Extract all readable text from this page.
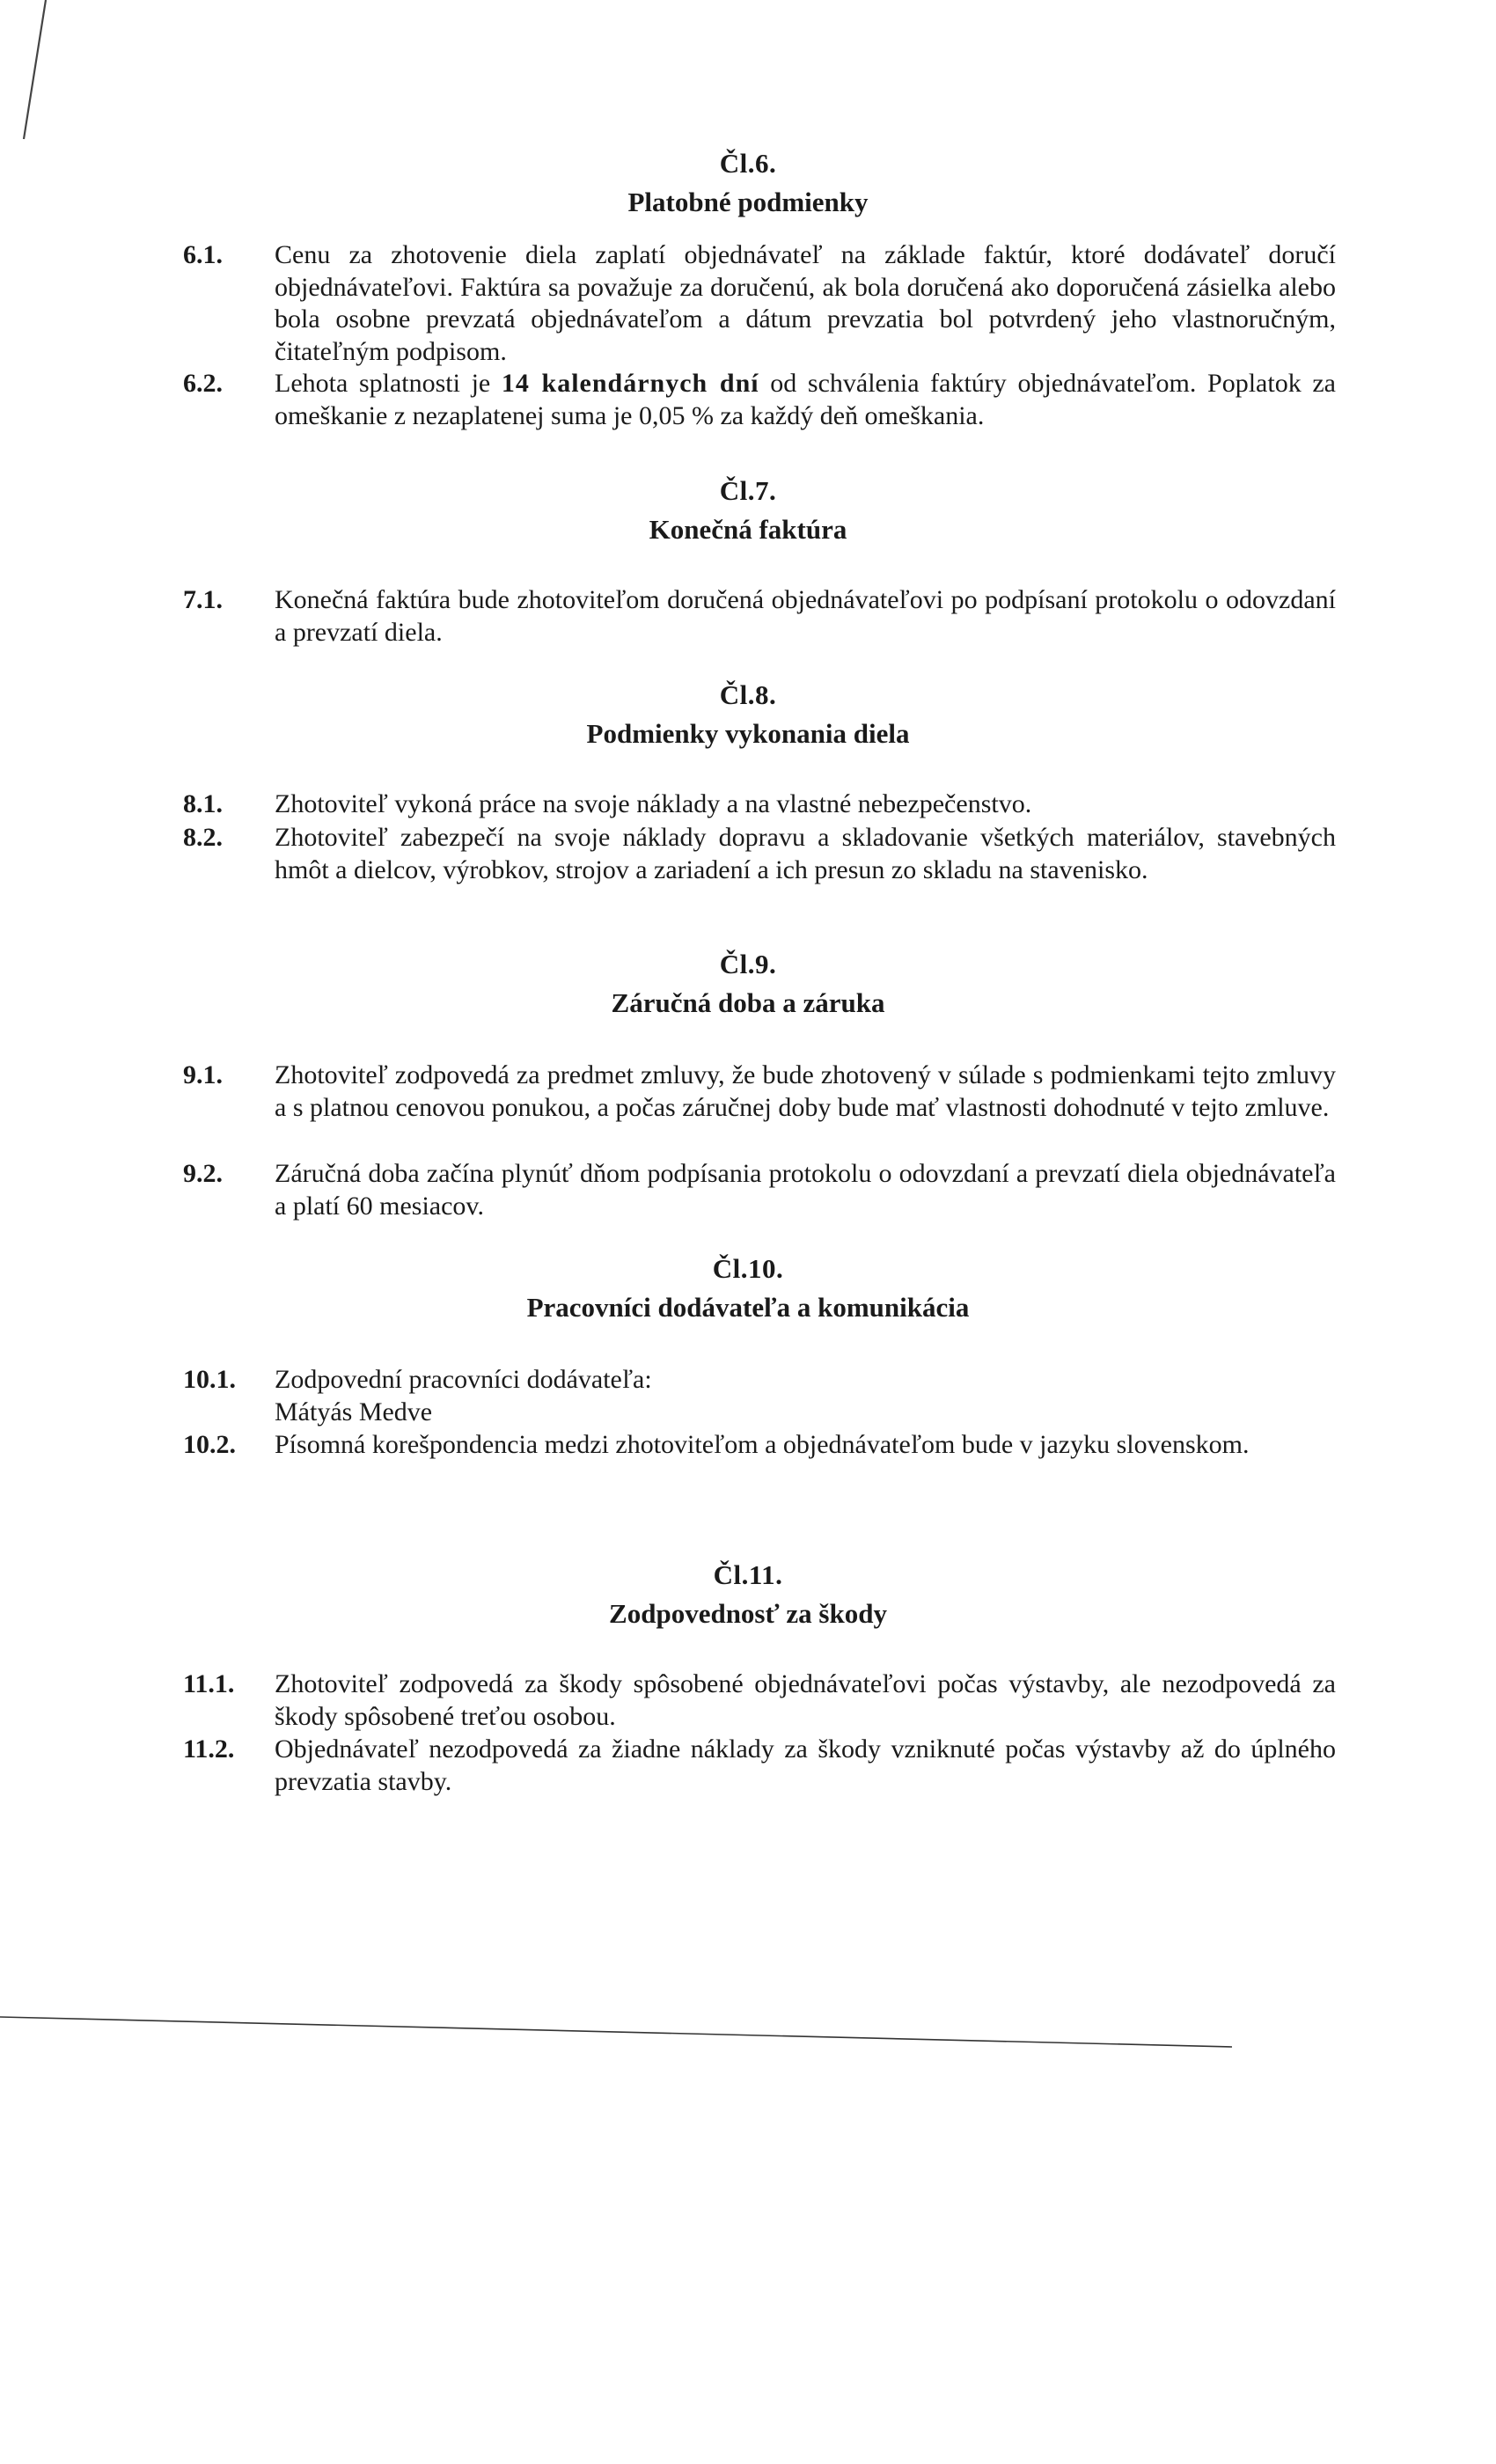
Čl.6.
Platobné podmienky
6.1.	Cenu za zhotovenie diela zaplatí objednávateľ na základe faktúr, ktoré dodávateľ doručí objednávateľovi. Faktúra sa považuje za doručenú, ak bola doručená ako doporučená zásielka alebo bola osobne prevzatá objednávateľom a dátum prevzatia bol potvrdený jeho vlastnoručným, čitateľným podpisom.
6.2.	Lehota splatnosti je 14 kalendárnych dní od schválenia faktúry objednávateľom. Poplatok za omeškanie z nezaplatenej suma je 0,05 % za každý deň omeškania.
Čl.7.
Konečná faktúra
7.1.	Konečná faktúra bude zhotoviteľom doručená objednávateľovi po podpísaní protokolu o odovzdaní a prevzatí diela.
Čl.8.
Podmienky vykonania diela
8.1.	Zhotoviteľ vykoná práce na svoje náklady a na vlastné nebezpečenstvo.
8.2.	Zhotoviteľ zabezpečí na svoje náklady dopravu a skladovanie všetkých materiálov, stavebných hmôt a dielcov, výrobkov, strojov a zariadení a ich presun zo skladu na stavenisko.
Čl.9.
Záručná doba a záruka
9.1.	Zhotoviteľ zodpovedá za predmet zmluvy, že bude zhotovený v súlade s podmienkami tejto zmluvy a s platnou cenovou ponukou, a počas záručnej doby bude mať vlastnosti dohodnuté v tejto zmluve.
9.2.	Záručná doba začína plynúť dňom podpísania protokolu o odovzdaní a prevzatí diela objednávateľa a platí 60 mesiacov.
Čl.10.
Pracovníci dodávateľa a komunikácia
10.1.	Zodpovední pracovníci dodávateľa:
Mátyás Medve
10.2.	Písomná korešpondencia medzi zhotoviteľom a objednávateľom bude v jazyku slovenskom.
Čl.11.
Zodpovednosť za škody
11.1.	Zhotoviteľ zodpovedá za škody spôsobené objednávateľovi počas výstavby, ale nezodpovedá za škody spôsobené treťou osobou.
11.2.	Objednávateľ nezodpovedá za žiadne náklady za škody vzniknuté počas výstavby až do úplného prevzatia stavby.
